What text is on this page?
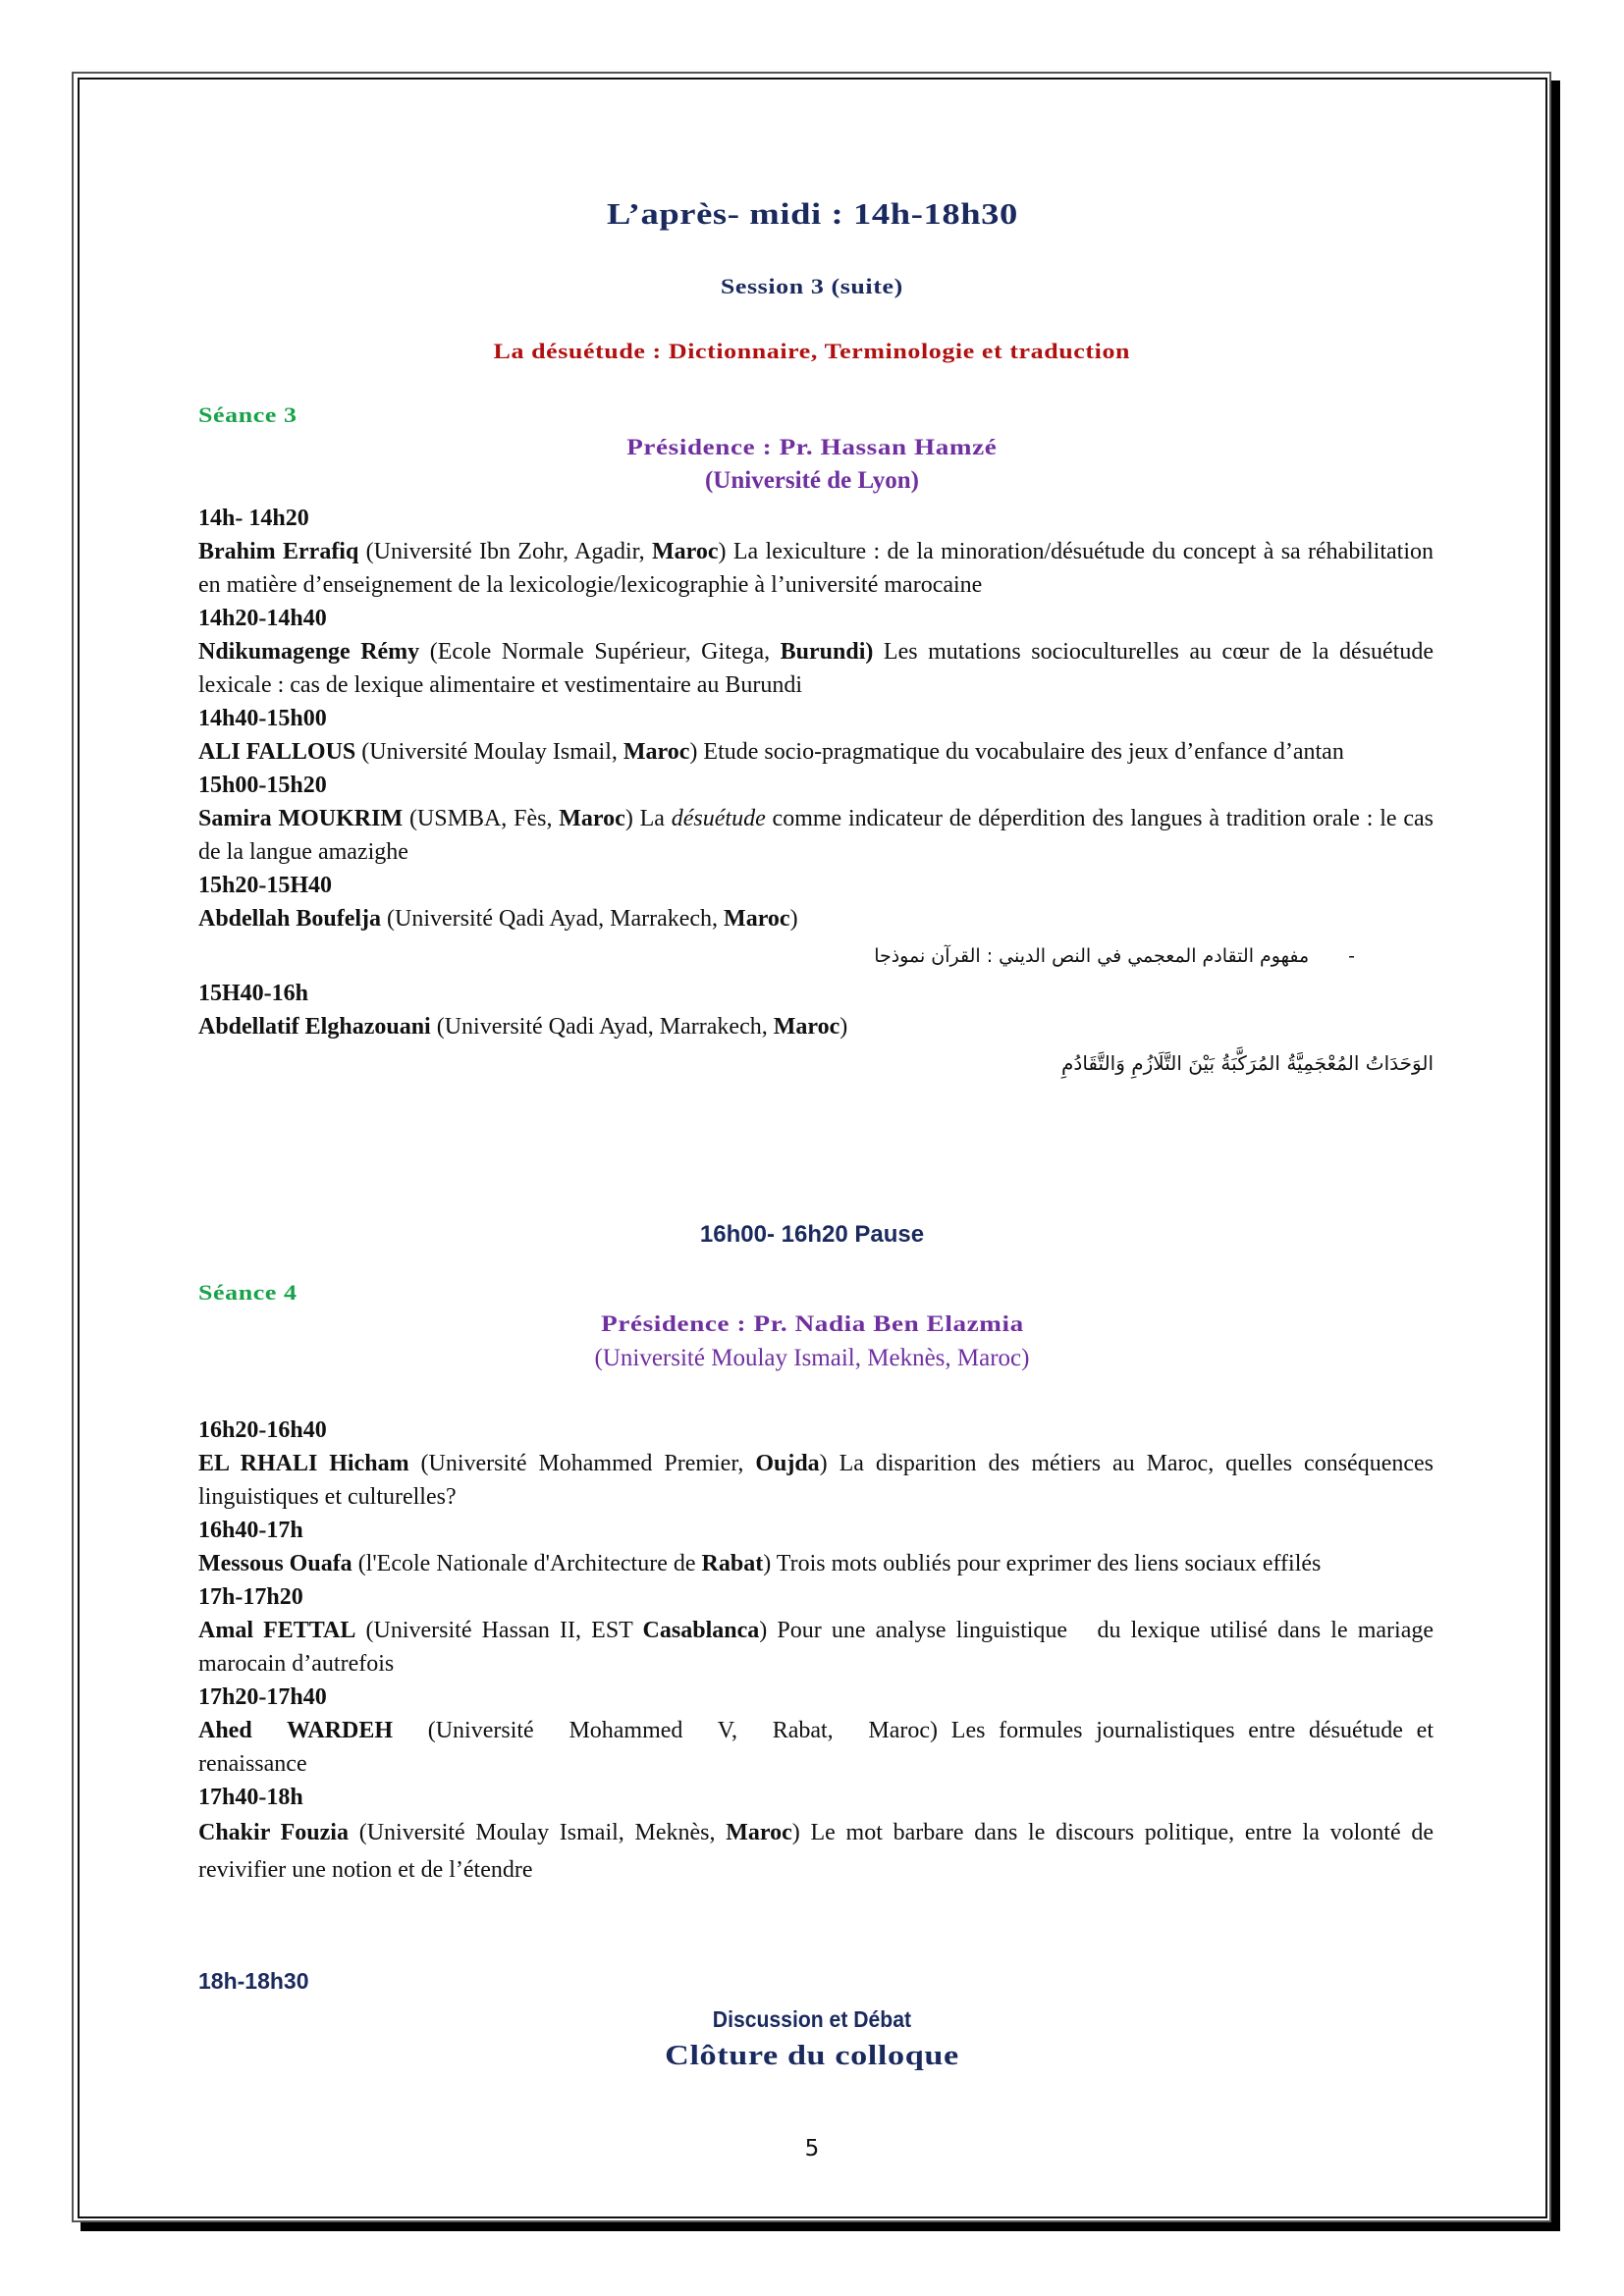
L’après- midi : 14h-18h30
Session 3 (suite)
La désuétude : Dictionnaire, Terminologie et traduction
Séance 3
Présidence : Pr. Hassan Hamzé
(Université de Lyon)
14h- 14h20

Brahim Errafiq (Université Ibn Zohr, Agadir, Maroc) La lexiculture : de la minoration/désuétude du concept à sa réhabilitation en matière d’enseignement de la lexicologie/lexicographie à l’université marocaine

14h20-14h40

Ndikumagenge Rémy (Ecole Normale Supérieur, Gitega, Burundi) Les mutations socioculturelles au cœur de la désuétude lexicale : cas de lexique alimentaire et vestimentaire au Burundi

14h40-15h00

ALI FALLOUS (Université Moulay Ismail, Maroc) Etude socio-pragmatique du vocabulaire des jeux d’enfance d’antan

15h00-15h20

Samira MOUKRIM (USMBA, Fès, Maroc) La désuétude comme indicateur de déperdition des langues à tradition orale : le cas de la langue amazighe

15h20-15H40

Abdellah Boufelja (Université Qadi Ayad, Marrakech, Maroc)

-مفهوم التقادم المعجمي في النص الديني : القرآن نموذجا
15H40-16h

Abdellatif Elghazouani (Université Qadi Ayad, Marrakech, Maroc)

الوَحَدَاتُ المُعْجَمِيَّةُ المُرَكَّبَةُ بَيْنَ التَّلَازُمِ وَالتَّقَادُمِ
16h00- 16h20 Pause
Séance 4
Présidence : Pr. Nadia Ben Elazmia
(Université Moulay Ismail, Meknès, Maroc)
16h20-16h40

EL RHALI Hicham (Université Mohammed Premier, Oujda) La disparition des métiers au Maroc, quelles conséquences linguistiques et culturelles?

16h40-17h

Messous Ouafa (l'Ecole Nationale d'Architecture de Rabat) Trois mots oubliés pour exprimer des liens sociaux effilés

17h-17h20

Amal FETTAL (Université Hassan II, EST Casablanca) Pour une analyse linguistique   du lexique utilisé dans le mariage marocain d’autrefois

17h20-17h40

Ahed WARDEH (Université Mohammed V, Rabat, Maroc) Les formules journalistiques entre désuétude et renaissance

17h40-18h

Chakir Fouzia (Université Moulay Ismail, Meknès, Maroc) Le mot barbare dans le discours politique, entre la volonté de revivifier une notion et de l’étendre

18h-18h30
Discussion et Débat
Clôture du colloque
5
